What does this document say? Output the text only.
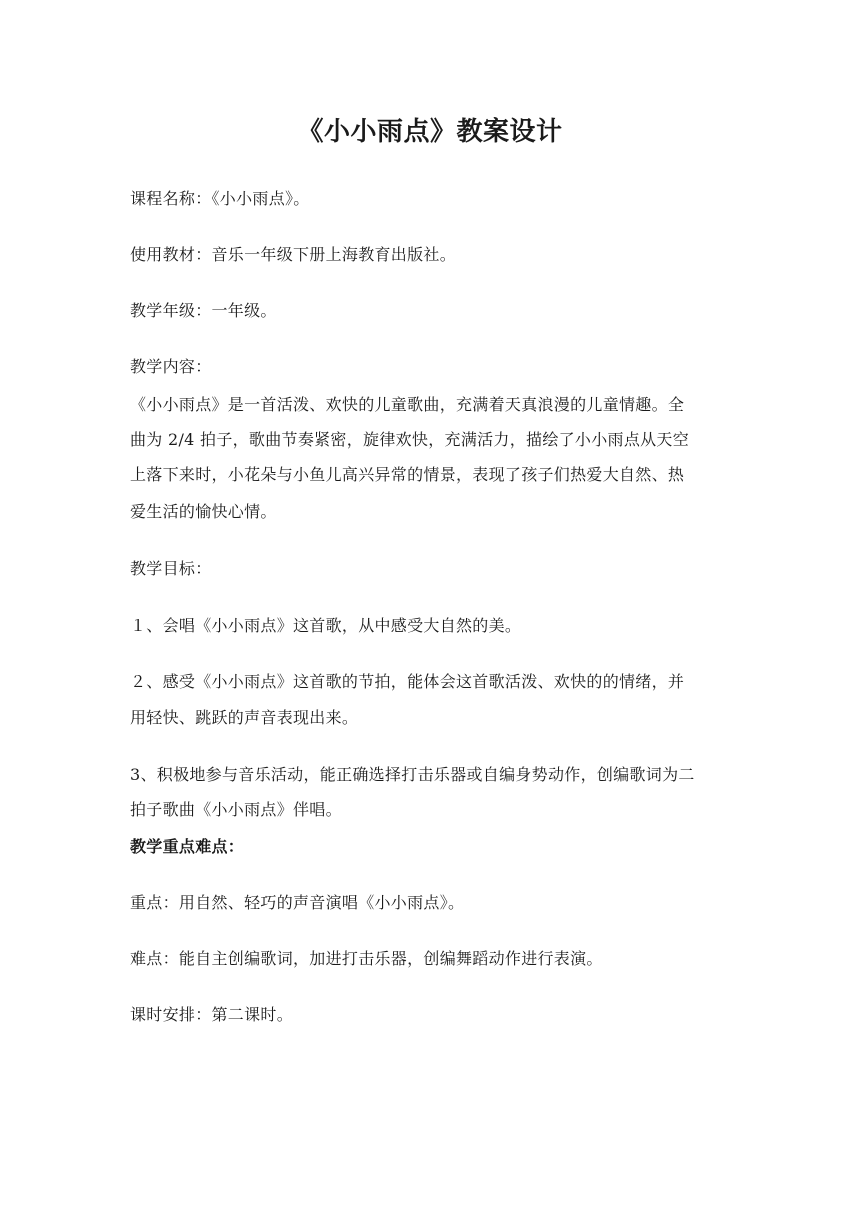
《小小雨点》教案设计
课程名称：《小小雨点》。
使用教材：音乐一年级下册上海教育出版社。
教学年级：一年级。
教学内容：
《小小雨点》是一首活泼、欢快的儿童歌曲，充满着天真浪漫的儿童情趣。全
曲为 2/4 拍子，歌曲节奏紧密，旋律欢快，充满活力，描绘了小小雨点从天空
上落下来时，小花朵与小鱼儿高兴异常的情景，表现了孩子们热爱大自然、热
爱生活的愉快心情。
教学目标：
１、会唱《小小雨点》这首歌，从中感受大自然的美。
２、感受《小小雨点》这首歌的节拍，能体会这首歌活泼、欢快的的情绪，并
用轻快、跳跃的声音表现出来。
3、积极地参与音乐活动，能正确选择打击乐器或自编身势动作，创编歌词为二
拍子歌曲《小小雨点》伴唱。
教学重点难点：
重点：用自然、轻巧的声音演唱《小小雨点》。
难点：能自主创编歌词，加进打击乐器，创编舞蹈动作进行表演。
课时安排：第二课时。
